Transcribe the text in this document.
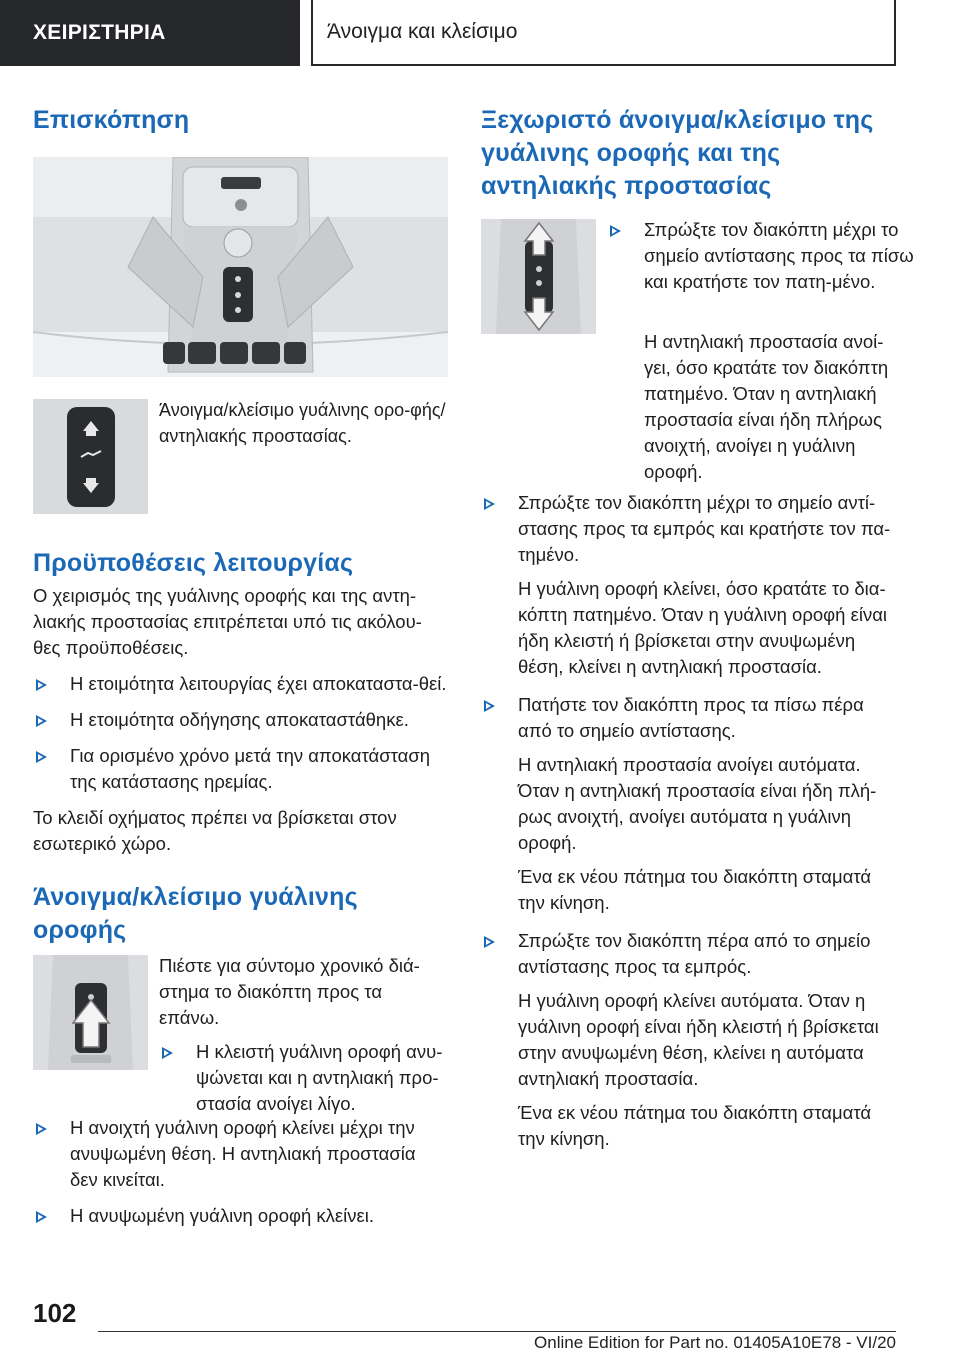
ΧΕΙΡΙΣΤΗΡΙΑ	Άνοιγμα και κλείσιμο
Επισκόπηση

Άνοιγμα/κλείσιμο γυάλινης ορο-φής/αντηλιακής προστασίας.

Προϋποθέσεις λειτουργίας

Ο χειρισμός της γυάλινης οροφής και της αντη-λιακής προστασίας επιτρέπεται υπό τις ακόλου-θες προϋποθέσεις.

Η ετοιμότητα λειτουργίας έχει αποκαταστα-θεί.
Η ετοιμότητα οδήγησης αποκαταστάθηκε.
Για ορισμένο χρόνο μετά την αποκατάσταση της κατάστασης ηρεμίας.

Το κλειδί οχήματος πρέπει να βρίσκεται στον εσωτερικό χώρο.

Άνοιγμα/κλείσιμο γυάλινης οροφής

Πιέστε για σύντομο χρονικό διά-στημα το διακόπτη προς τα επάνω.

Η κλειστή γυάλινη οροφή ανυ-ψώνεται και η αντηλιακή προ-στασία ανοίγει λίγο.
Η ανοιχτή γυάλινη οροφή κλείνει μέχρι την ανυψωμένη θέση. Η αντηλιακή προστασία δεν κινείται.
Η ανυψωμένη γυάλινη οροφή κλείνει.
Ξεχωριστό άνοιγμα/κλείσιμο της γυάλινης οροφής και της αντηλιακής προστασίας
Σπρώξτε τον διακόπτη μέχρι το σημείο αντίστασης προς τα πίσω και κρατήστε τον πατη-μένο.

Η αντηλιακή προστασία ανοί-γει, όσο κρατάτε τον διακόπτη πατημένο. Όταν η αντηλιακή προστασία είναι ήδη πλήρως ανοιχτή, ανοίγει η γυάλινη οροφή.

Σπρώξτε τον διακόπτη μέχρι το σημείο αντί-στασης προς τα εμπρός και κρατήστε τον πα-τημένο.

Η γυάλινη οροφή κλείνει, όσο κρατάτε το δια-κόπτη πατημένο. Όταν η γυάλινη οροφή είναι ήδη κλειστή ή βρίσκεται στην ανυψωμένη θέση, κλείνει η αντηλιακή προστασία.

Πατήστε τον διακόπτη προς τα πίσω πέρα από το σημείο αντίστασης.

Η αντηλιακή προστασία ανοίγει αυτόματα. Όταν η αντηλιακή προστασία είναι ήδη πλή-ρως ανοιχτή, ανοίγει αυτόματα η γυάλινη οροφή.

Ένα εκ νέου πάτημα του διακόπτη σταματά την κίνηση.

Σπρώξτε τον διακόπτη πέρα από το σημείο αντίστασης προς τα εμπρός.

Η γυάλινη οροφή κλείνει αυτόματα. Όταν η γυάλινη οροφή είναι ήδη κλειστή ή βρίσκεται στην ανυψωμένη θέση, κλείνει η αυτόματα αντηλιακή προστασία.

Ένα εκ νέου πάτημα του διακόπτη σταματά την κίνηση.

102
Online Edition for Part no. 01405A10E78 - VI/20
